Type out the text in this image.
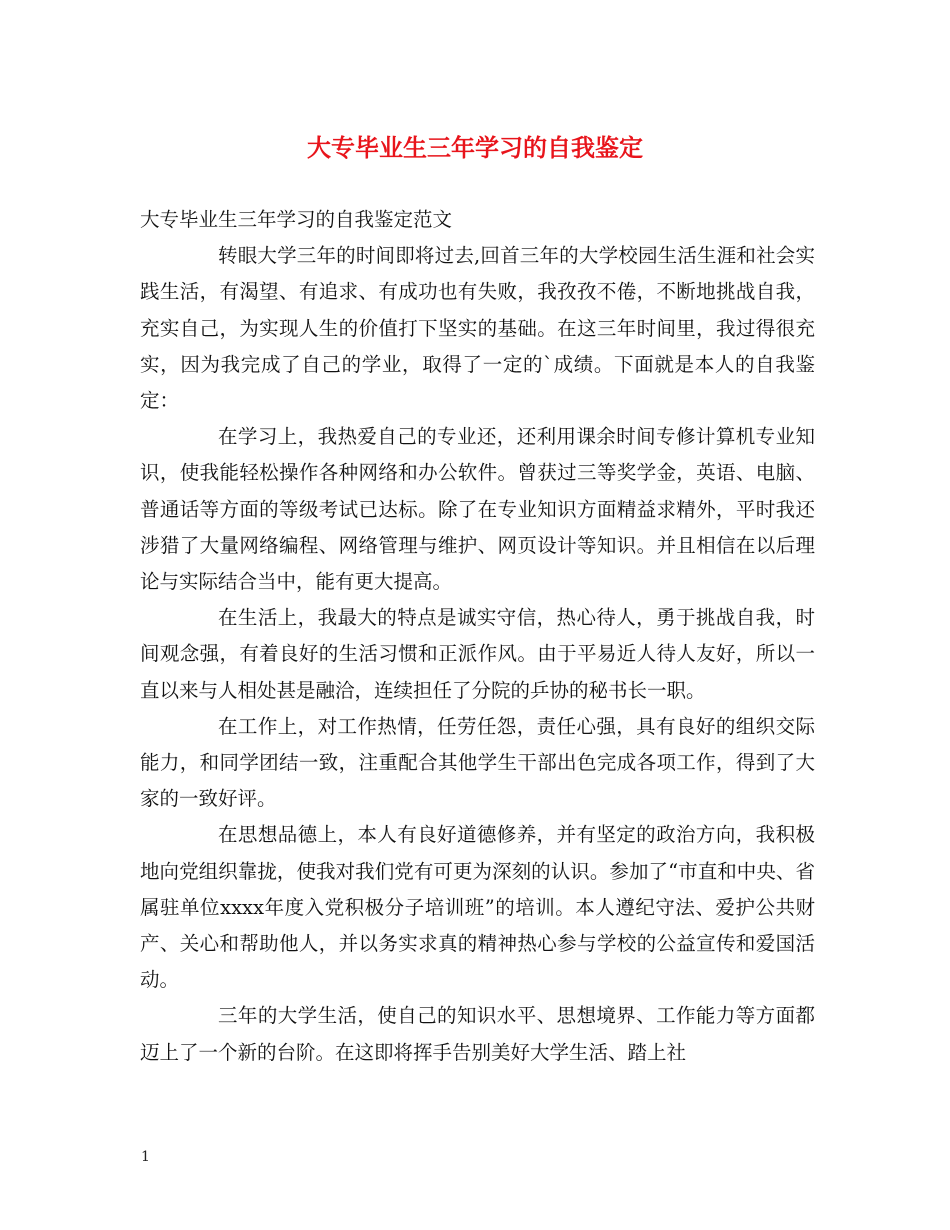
大专毕业生三年学习的自我鉴定

大专毕业生三年学习的自我鉴定范文

转眼大学三年的时间即将过去,回首三年的大学校园生活生涯和社会实践生活，有渴望、有追求、有成功也有失败，我孜孜不倦，不断地挑战自我，充实自己，为实现人生的价值打下坚实的基础。在这三年时间里，我过得很充实，因为我完成了自己的学业，取得了一定的`成绩。下面就是本人的自我鉴定：

在学习上，我热爱自己的专业还，还利用课余时间专修计算机专业知识，使我能轻松操作各种网络和办公软件。曾获过三等奖学金，英语、电脑、普通话等方面的等级考试已达标。除了在专业知识方面精益求精外，平时我还涉猎了大量网络编程、网络管理与维护、网页设计等知识。并且相信在以后理论与实际结合当中，能有更大提高。

在生活上，我最大的特点是诚实守信，热心待人，勇于挑战自我，时间观念强，有着良好的生活习惯和正派作风。由于平易近人待人友好，所以一直以来与人相处甚是融洽，连续担任了分院的乒协的秘书长一职。

在工作上，对工作热情，任劳任怨，责任心强，具有良好的组织交际能力，和同学团结一致，注重配合其他学生干部出色完成各项工作，得到了大家的一致好评。

在思想品德上，本人有良好道德修养，并有坚定的政治方向，我积极地向党组织靠拢，使我对我们党有可更为深刻的认识。参加了“市直和中央、省属驻单位xxxx年度入党积极分子培训班”的培训。本人遵纪守法、爱护公共财产、关心和帮助他人，并以务实求真的精神热心参与学校的公益宣传和爱国活动。

三年的大学生活，使自己的知识水平、思想境界、工作能力等方面都迈上了一个新的台阶。在这即将挥手告别美好大学生活、踏上社

1
